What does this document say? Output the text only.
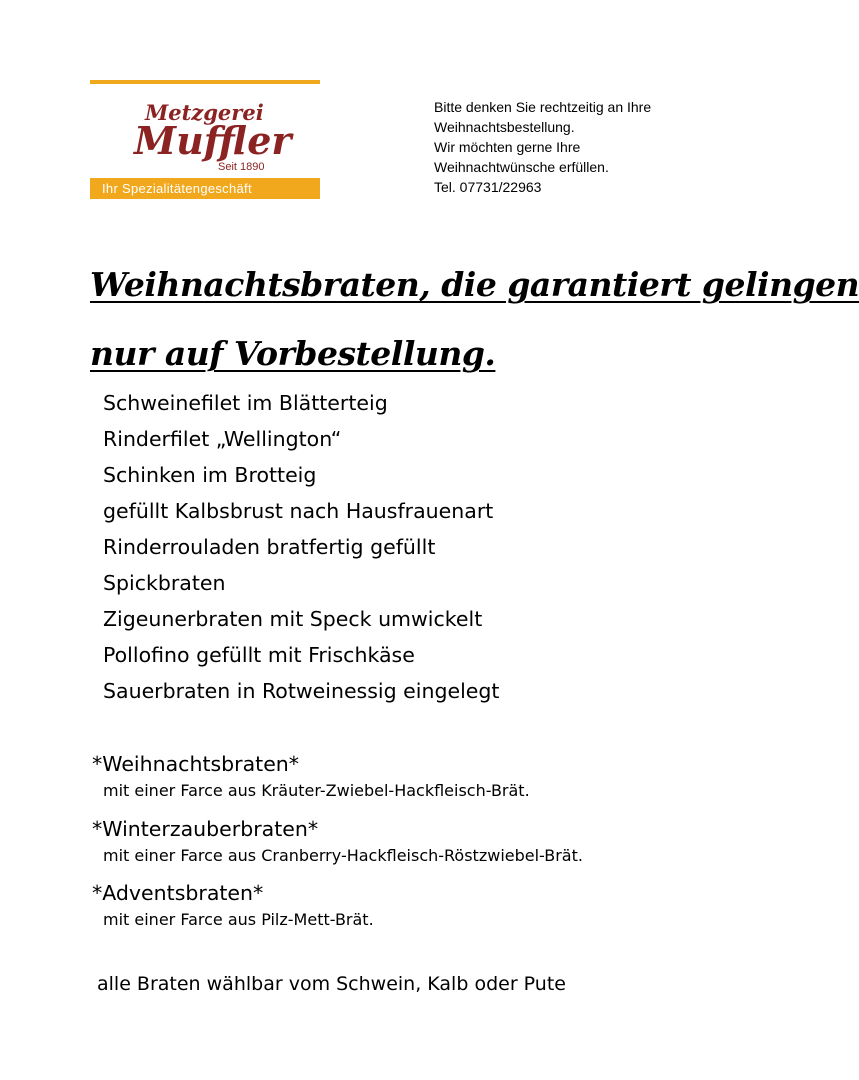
Metzgerei
Muffler
Seit 1890
Ihr Spezialitätengeschäft
Bitte denken Sie rechtzeitig an Ihre
Weihnachtsbestellung.
Wir möchten gerne Ihre
Weihnachtwünsche erfüllen.
Tel. 07731/22963
Weihnachtsbraten, die garantiert gelingen
nur auf Vorbestellung.
Schweinefilet im Blätterteig
Rinderfilet „Wellington“
Schinken im Brotteig
gefüllt Kalbsbrust nach Hausfrauenart
Rinderrouladen bratfertig gefüllt
Spickbraten
Zigeunerbraten mit Speck umwickelt
Pollofino gefüllt mit Frischkäse
Sauerbraten in Rotweinessig eingelegt
*Weihnachtsbraten*
mit einer Farce aus Kräuter-Zwiebel-Hackfleisch-Brät.
*Winterzauberbraten*
mit einer Farce aus Cranberry-Hackfleisch-Röstzwiebel-Brät.
*Adventsbraten*
mit einer Farce aus Pilz-Mett-Brät.
alle Braten wählbar vom Schwein, Kalb oder Pute
